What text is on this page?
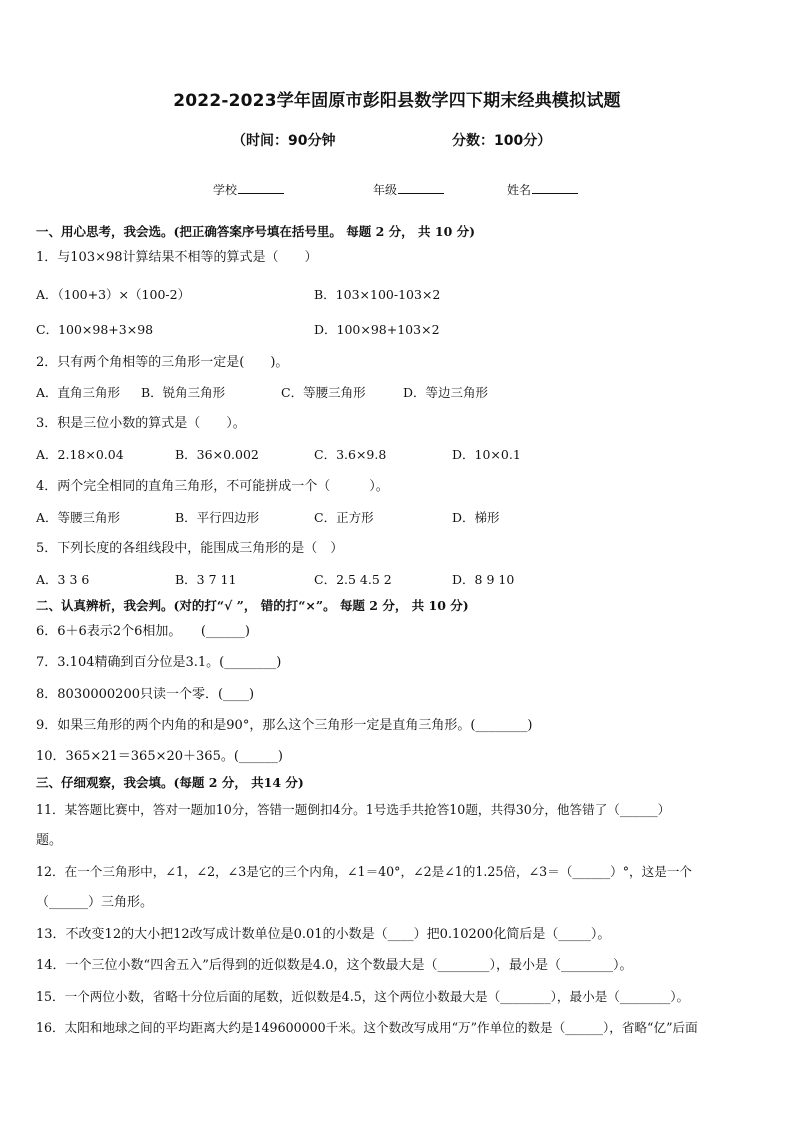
2022-2023学年固原市彭阳县数学四下期末经典模拟试题
（时间：90分钟	分数：100分）
学校	年级	姓名
一、用心思考，我会选。(把正确答案序号填在括号里。 每题 2 分， 共 10 分)
1．与103×98计算结果不相等的算式是（　　）
A．（100+3）×（100-2）	B．103×100-103×2
C．100×98+3×98	D．100×98+103×2
2．只有两个角相等的三角形一定是(　　)。
A．直角三角形 B．锐角三角形	C．等腰三角形	D．等边三角形
3．积是三位小数的算式是（　　）。
A．2.18×0.04	B．36×0.002	C．3.6×9.8	D．10×0.1
4．两个完全相同的直角三角形，不可能拼成一个（　　　）。
A．等腰三角形	B．平行四边形	C．正方形	D．梯形
5．下列长度的各组线段中，能围成三角形的是（　）
A．3 3 6	B．3 7 11	C．2.5 4.5 2	D．8 9 10
二、认真辨析，我会判。(对的打“√ ”， 错的打“×”。 每题 2 分， 共 10 分)
6．6＋6表示2个6相加。　　(______)
7．3.104精确到百分位是3.1。(________)
8．8030000200只读一个零．(____)
9．如果三角形的两个内角的和是90°，那么这个三角形一定是直角三角形。(________)
10．365×21＝365×20＋365。(______)
三、仔细观察，我会填。(每题 2 分， 共14 分)
11．某答题比赛中，答对一题加10分，答错一题倒扣4分。1号选手共抢答10题，共得30分，他答错了（______）
题。
12．在一个三角形中，∠1，∠2，∠3是它的三个内角，∠1＝40°，∠2是∠1的1.25倍，∠3＝（______）°，这是一个
（______）三角形。
13．不改变12的大小把12改写成计数单位是0.01的小数是（____）把0.10200化简后是（_____）。
14．一个三位小数“四舍五入”后得到的近似数是4.0，这个数最大是（________），最小是（________）。
15．一个两位小数，省略十分位后面的尾数，近似数是4.5，这个两位小数最大是（________），最小是（________）。
16．太阳和地球之间的平均距离大约是149600000千米。这个数改写成用“万”作单位的数是（______），省略“亿”后面
